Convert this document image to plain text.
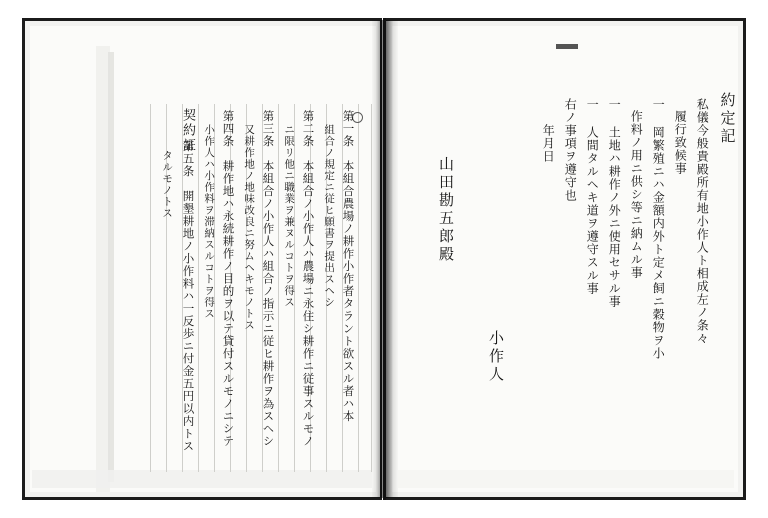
契約証	第一条　本組合農場ノ耕作小作者タラント欲スル者ハ本
組合ノ規定ニ従ヒ願書ヲ提出スヘシ
第二条　本組合ノ小作人ハ農場ニ永住シ耕作ニ従事スルモノ
ニ限リ他ニ職業ヲ兼ヌルコトヲ得ス
第三条　本組合ノ小作人ハ組合ノ指示ニ従ヒ耕作ヲ為スヘシ
又耕作地ノ地味改良ニ努ムヘキモノトス
第四条　耕作地ハ永続耕作ノ目的ヲ以テ貸付スルモノニシテ
小作人ハ小作料ヲ滞納スルコトヲ得ス
第五条　開墾耕地ノ小作料ハ一反歩ニ付金五円以内トス
タルモノトス
約定記
私儀今般貴殿所有地小作人ト相成左ノ条々
履行致候事
一 岡繁殖ニハ金額内外ト定メ飼ニ穀物ヲ小
作料ノ用ニ供シ等ニ納ムル事
一 土地ハ耕作ノ外ニ使用セサル事
一 人間タルヘキ道ヲ遵守スル事
右ノ事項ヲ遵守也
年月日
小作人
山田勘五郎殿
